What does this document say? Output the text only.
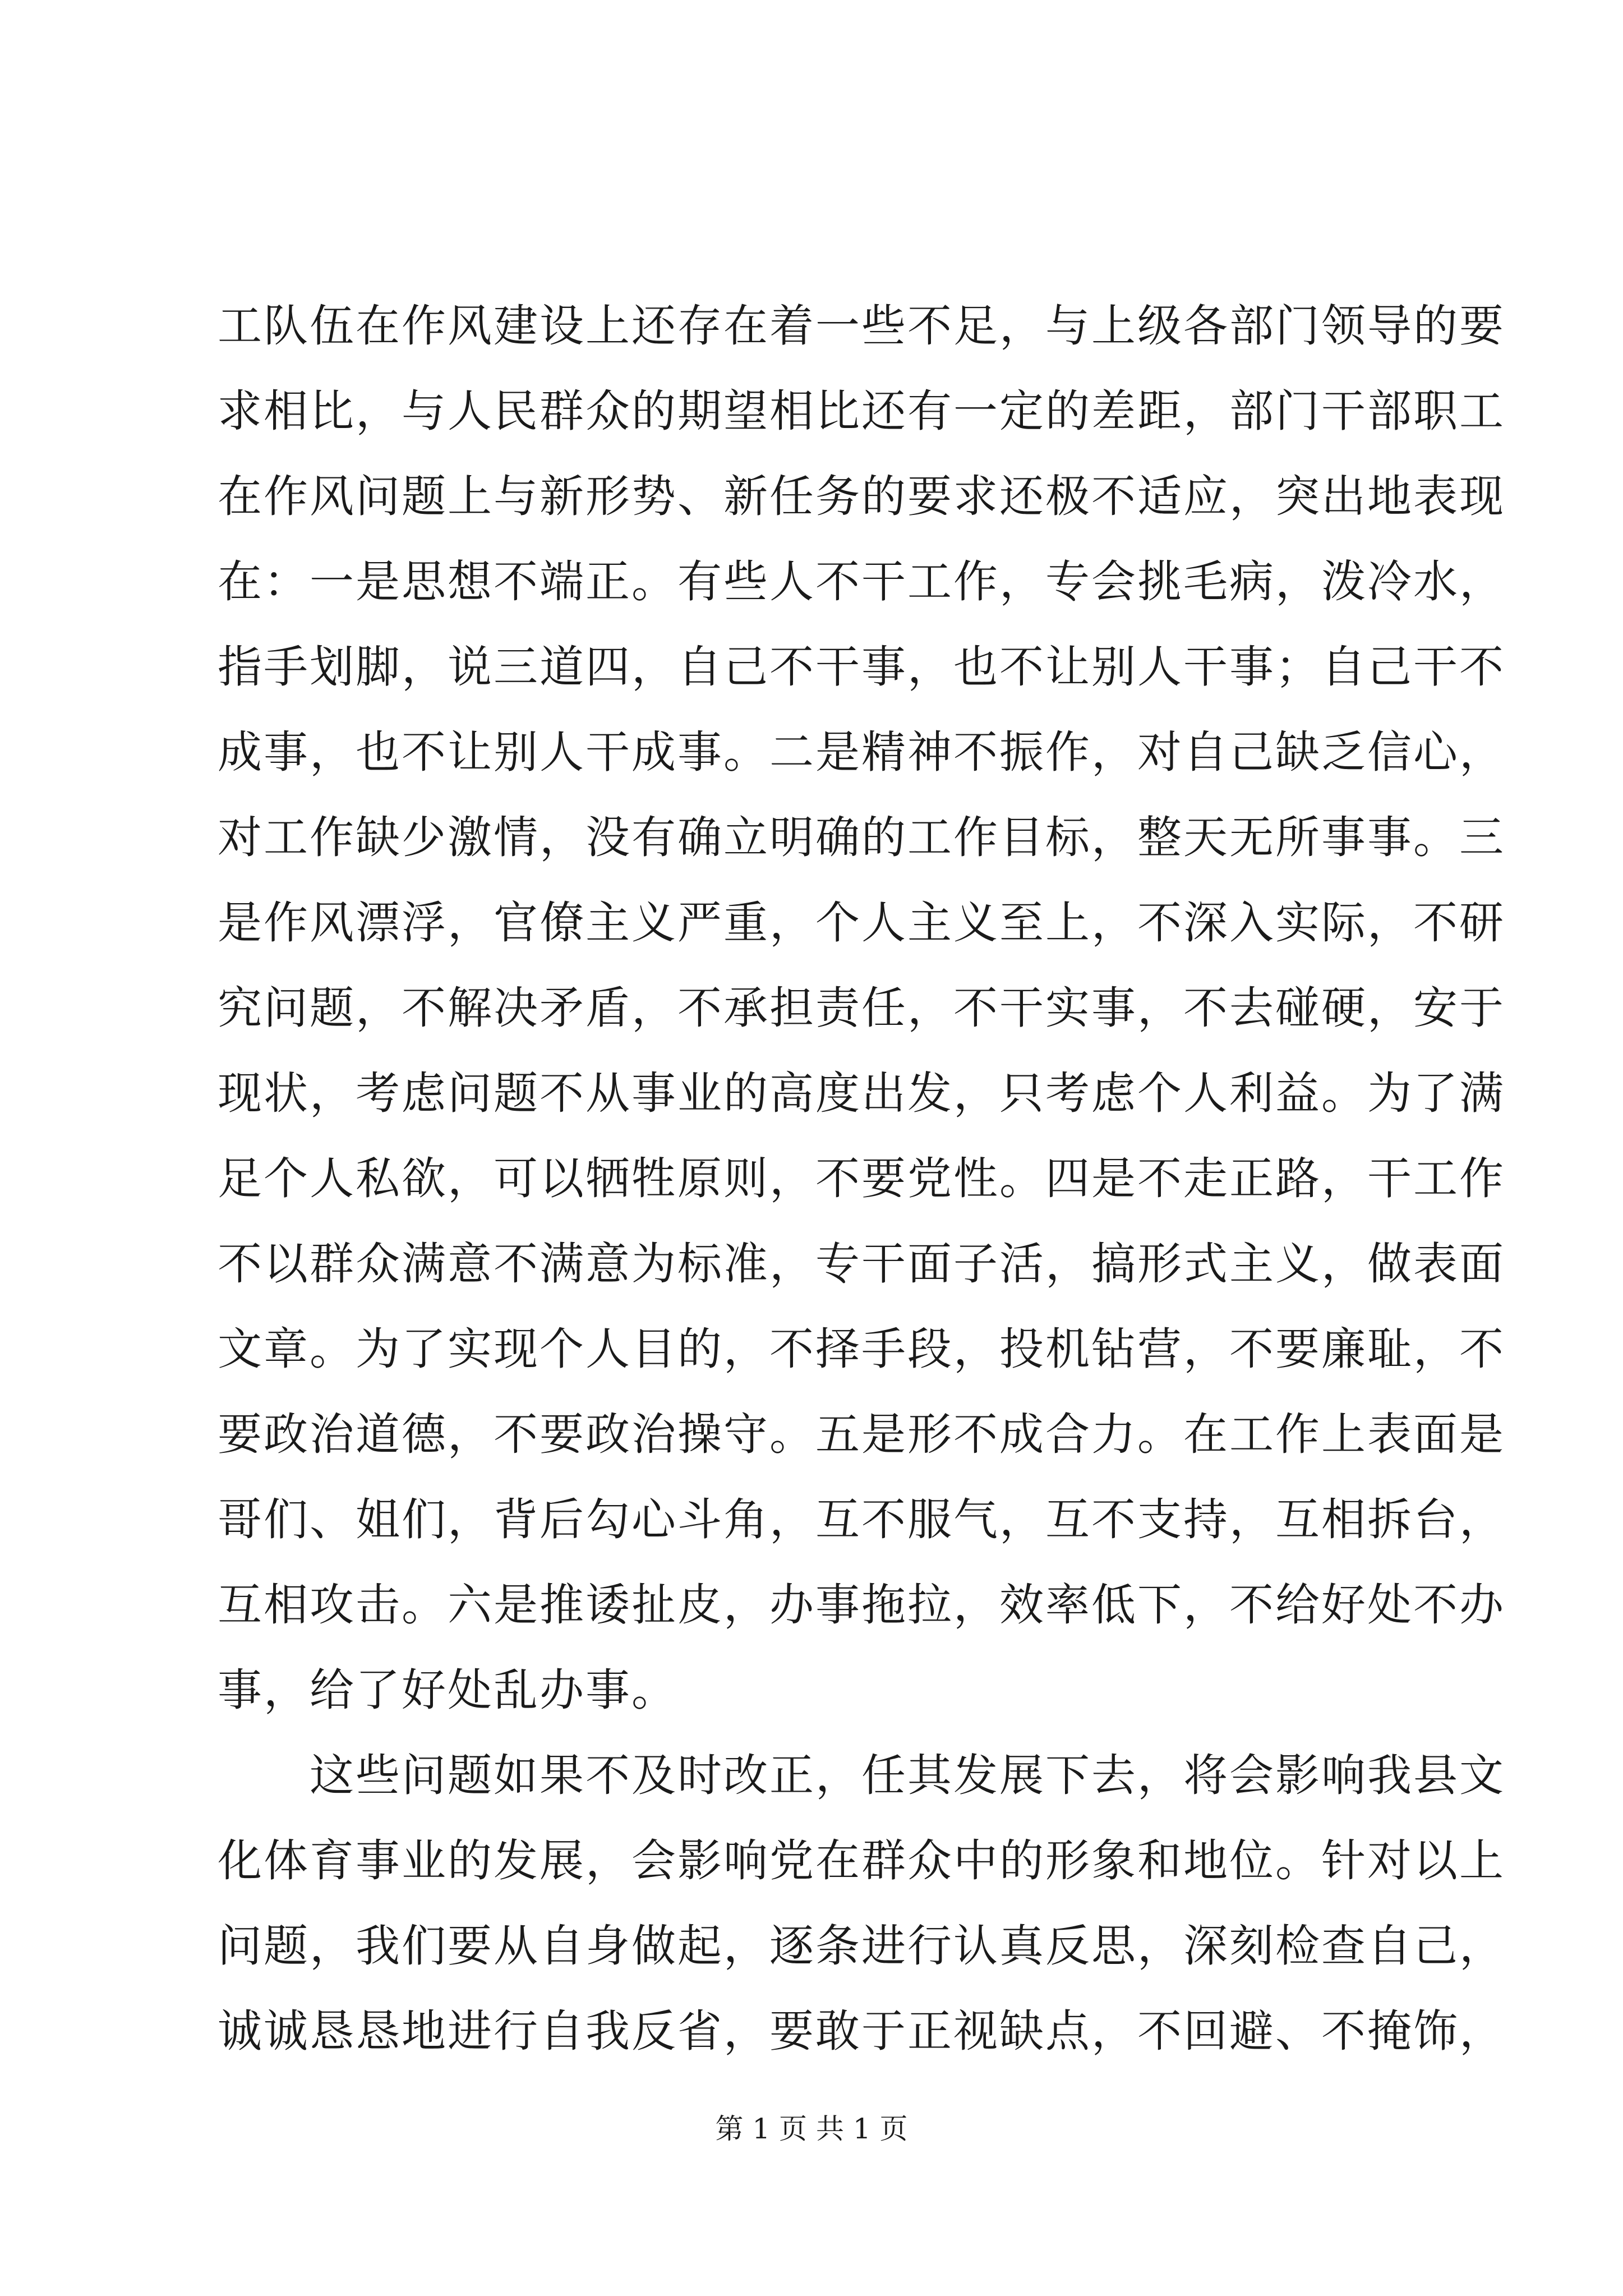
工队伍在作风建设上还存在着一些不足，与上级各部门领导的要
求相比，与人民群众的期望相比还有一定的差距，部门干部职工
在作风问题上与新形势、新任务的要求还极不适应，突出地表现
在：一是思想不端正。有些人不干工作，专会挑毛病，泼冷水，
指手划脚，说三道四，自己不干事，也不让别人干事；自己干不
成事，也不让别人干成事。二是精神不振作，对自己缺乏信心，
对工作缺少激情，没有确立明确的工作目标，整天无所事事。三
是作风漂浮，官僚主义严重，个人主义至上，不深入实际，不研
究问题，不解决矛盾，不承担责任，不干实事，不去碰硬，安于
现状，考虑问题不从事业的高度出发，只考虑个人利益。为了满
足个人私欲，可以牺牲原则，不要党性。四是不走正路，干工作
不以群众满意不满意为标准，专干面子活，搞形式主义，做表面
文章。为了实现个人目的，不择手段，投机钻营，不要廉耻，不
要政治道德，不要政治操守。五是形不成合力。在工作上表面是
哥们、姐们，背后勾心斗角，互不服气，互不支持，互相拆台，
互相攻击。六是推诿扯皮，办事拖拉，效率低下，不给好处不办
事，给了好处乱办事。
　　这些问题如果不及时改正，任其发展下去，将会影响我县文
化体育事业的发展，会影响党在群众中的形象和地位。针对以上
问题，我们要从自身做起，逐条进行认真反思，深刻检查自己，
诚诚恳恳地进行自我反省，要敢于正视缺点，不回避、不掩饰，
第 1 页 共 1 页
